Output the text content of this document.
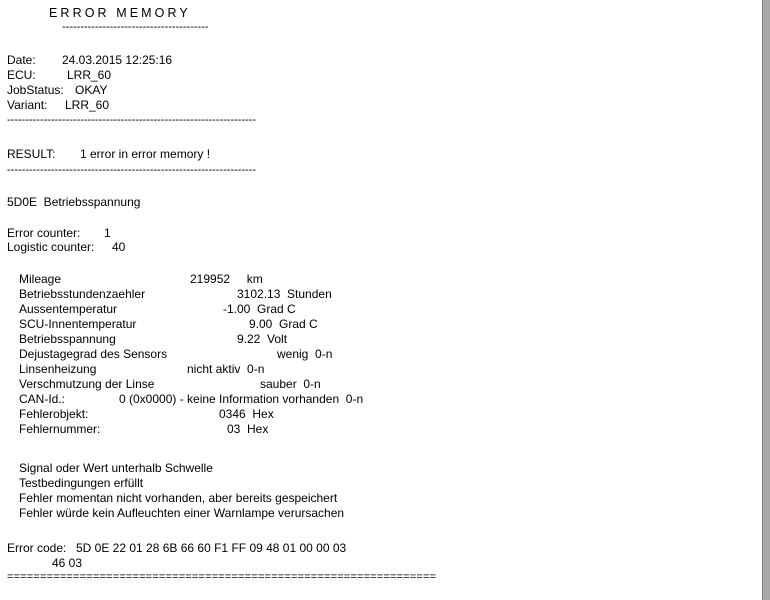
ERROR MEMORY
----------------------------------------
Date: 24.03.2015 12:25:16
ECU:	LRR_60
JobStatus: OKAY
Variant: LRR_60
--------------------------------------------------------------------
RESULT: 1 error in error memory !
--------------------------------------------------------------------
5D0E  Betriebsspannung
Error counter: 1
Logistic counter: 40
Mileage	219952     km
Betriebsstundenzaehler	3102.13  Stunden
Aussentemperatur	-1.00  Grad C
SCU-Innentemperatur	9.00  Grad C
Betriebsspannung	9.22  Volt
Dejustagegrad des Sensors	wenig  0-n
Linsenheizung	nicht aktiv  0-n
Verschmutzung der Linse	sauber  0-n
CAN-Id.:	0 (0x0000) - keine Information vorhanden  0-n
Fehlerobjekt:	0346  Hex
Fehlernummer:	03  Hex
Signal oder Wert unterhalb Schwelle
Testbedingungen erfüllt
Fehler momentan nicht vorhanden, aber bereits gespeichert
Fehler würde kein Aufleuchten einer Warnlampe verursachen
Error code: 5D 0E 22 01 28 6B 66 60 F1 FF 09 48 01 00 00 03
46 03
=================================================================
